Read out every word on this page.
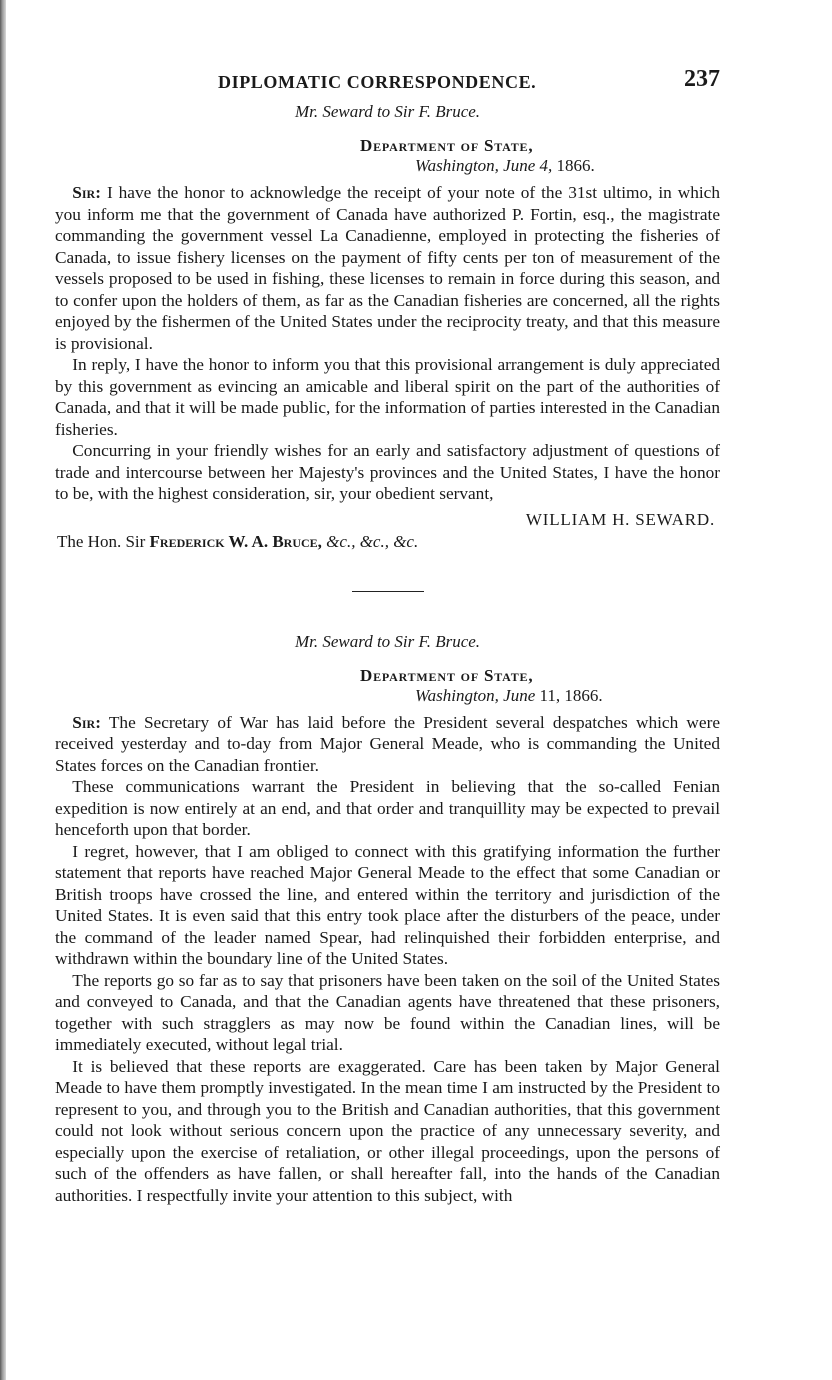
DIPLOMATIC CORRESPONDENCE.	237
Mr. Seward to Sir F. Bruce.
Department of State,
Washington, June 4, 1866.

 Sir: I have the honor to acknowledge the receipt of your note of the 31st ultimo, in which you inform me that the government of Canada have authorized P. Fortin, esq., the magistrate commanding the government vessel La Canadienne, employed in protecting the fisheries of Canada, to issue fishery licenses on the payment of fifty cents per ton of measurement of the vessels proposed to be used in fishing, these licenses to remain in force during this season, and to confer upon the holders of them, as far as the Canadian fisheries are concerned, all the rights enjoyed by the fishermen of the United States under the reciprocity treaty, and that this measure is provisional.

 In reply, I have the honor to inform you that this provisional arrangement is duly appreciated by this government as evincing an amicable and liberal spirit on the part of the authorities of Canada, and that it will be made public, for the information of parties interested in the Canadian fisheries.

 Concurring in your friendly wishes for an early and satisfactory adjustment of questions of trade and intercourse between her Majesty's provinces and the United States, I have the honor to be, with the highest consideration, sir, your obedient servant,

WILLIAM H. SEWARD.
The Hon. Sir Frederick W. A. Bruce, &c., &c., &c.
Mr. Seward to Sir F. Bruce.
Department of State,
Washington, June 11, 1866.

 Sir: The Secretary of War has laid before the President several despatches which were received yesterday and to-day from Major General Meade, who is commanding the United States forces on the Canadian frontier.

 These communications warrant the President in believing that the so-called Fenian expedition is now entirely at an end, and that order and tranquillity may be expected to prevail henceforth upon that border.

 I regret, however, that I am obliged to connect with this gratifying information the further statement that reports have reached Major General Meade to the effect that some Canadian or British troops have crossed the line, and entered within the territory and jurisdiction of the United States. It is even said that this entry took place after the disturbers of the peace, under the command of the leader named Spear, had relinquished their forbidden enterprise, and withdrawn within the boundary line of the United States.

 The reports go so far as to say that prisoners have been taken on the soil of the United States and conveyed to Canada, and that the Canadian agents have threatened that these prisoners, together with such stragglers as may now be found within the Canadian lines, will be immediately executed, without legal trial.

 It is believed that these reports are exaggerated. Care has been taken by Major General Meade to have them promptly investigated. In the mean time I am instructed by the President to represent to you, and through you to the British and Canadian authorities, that this government could not look without serious concern upon the practice of any unnecessary severity, and especially upon the exercise of retaliation, or other illegal proceedings, upon the persons of such of the offenders as have fallen, or shall hereafter fall, into the hands of the Canadian authorities. I respectfully invite your attention to this subject, with
